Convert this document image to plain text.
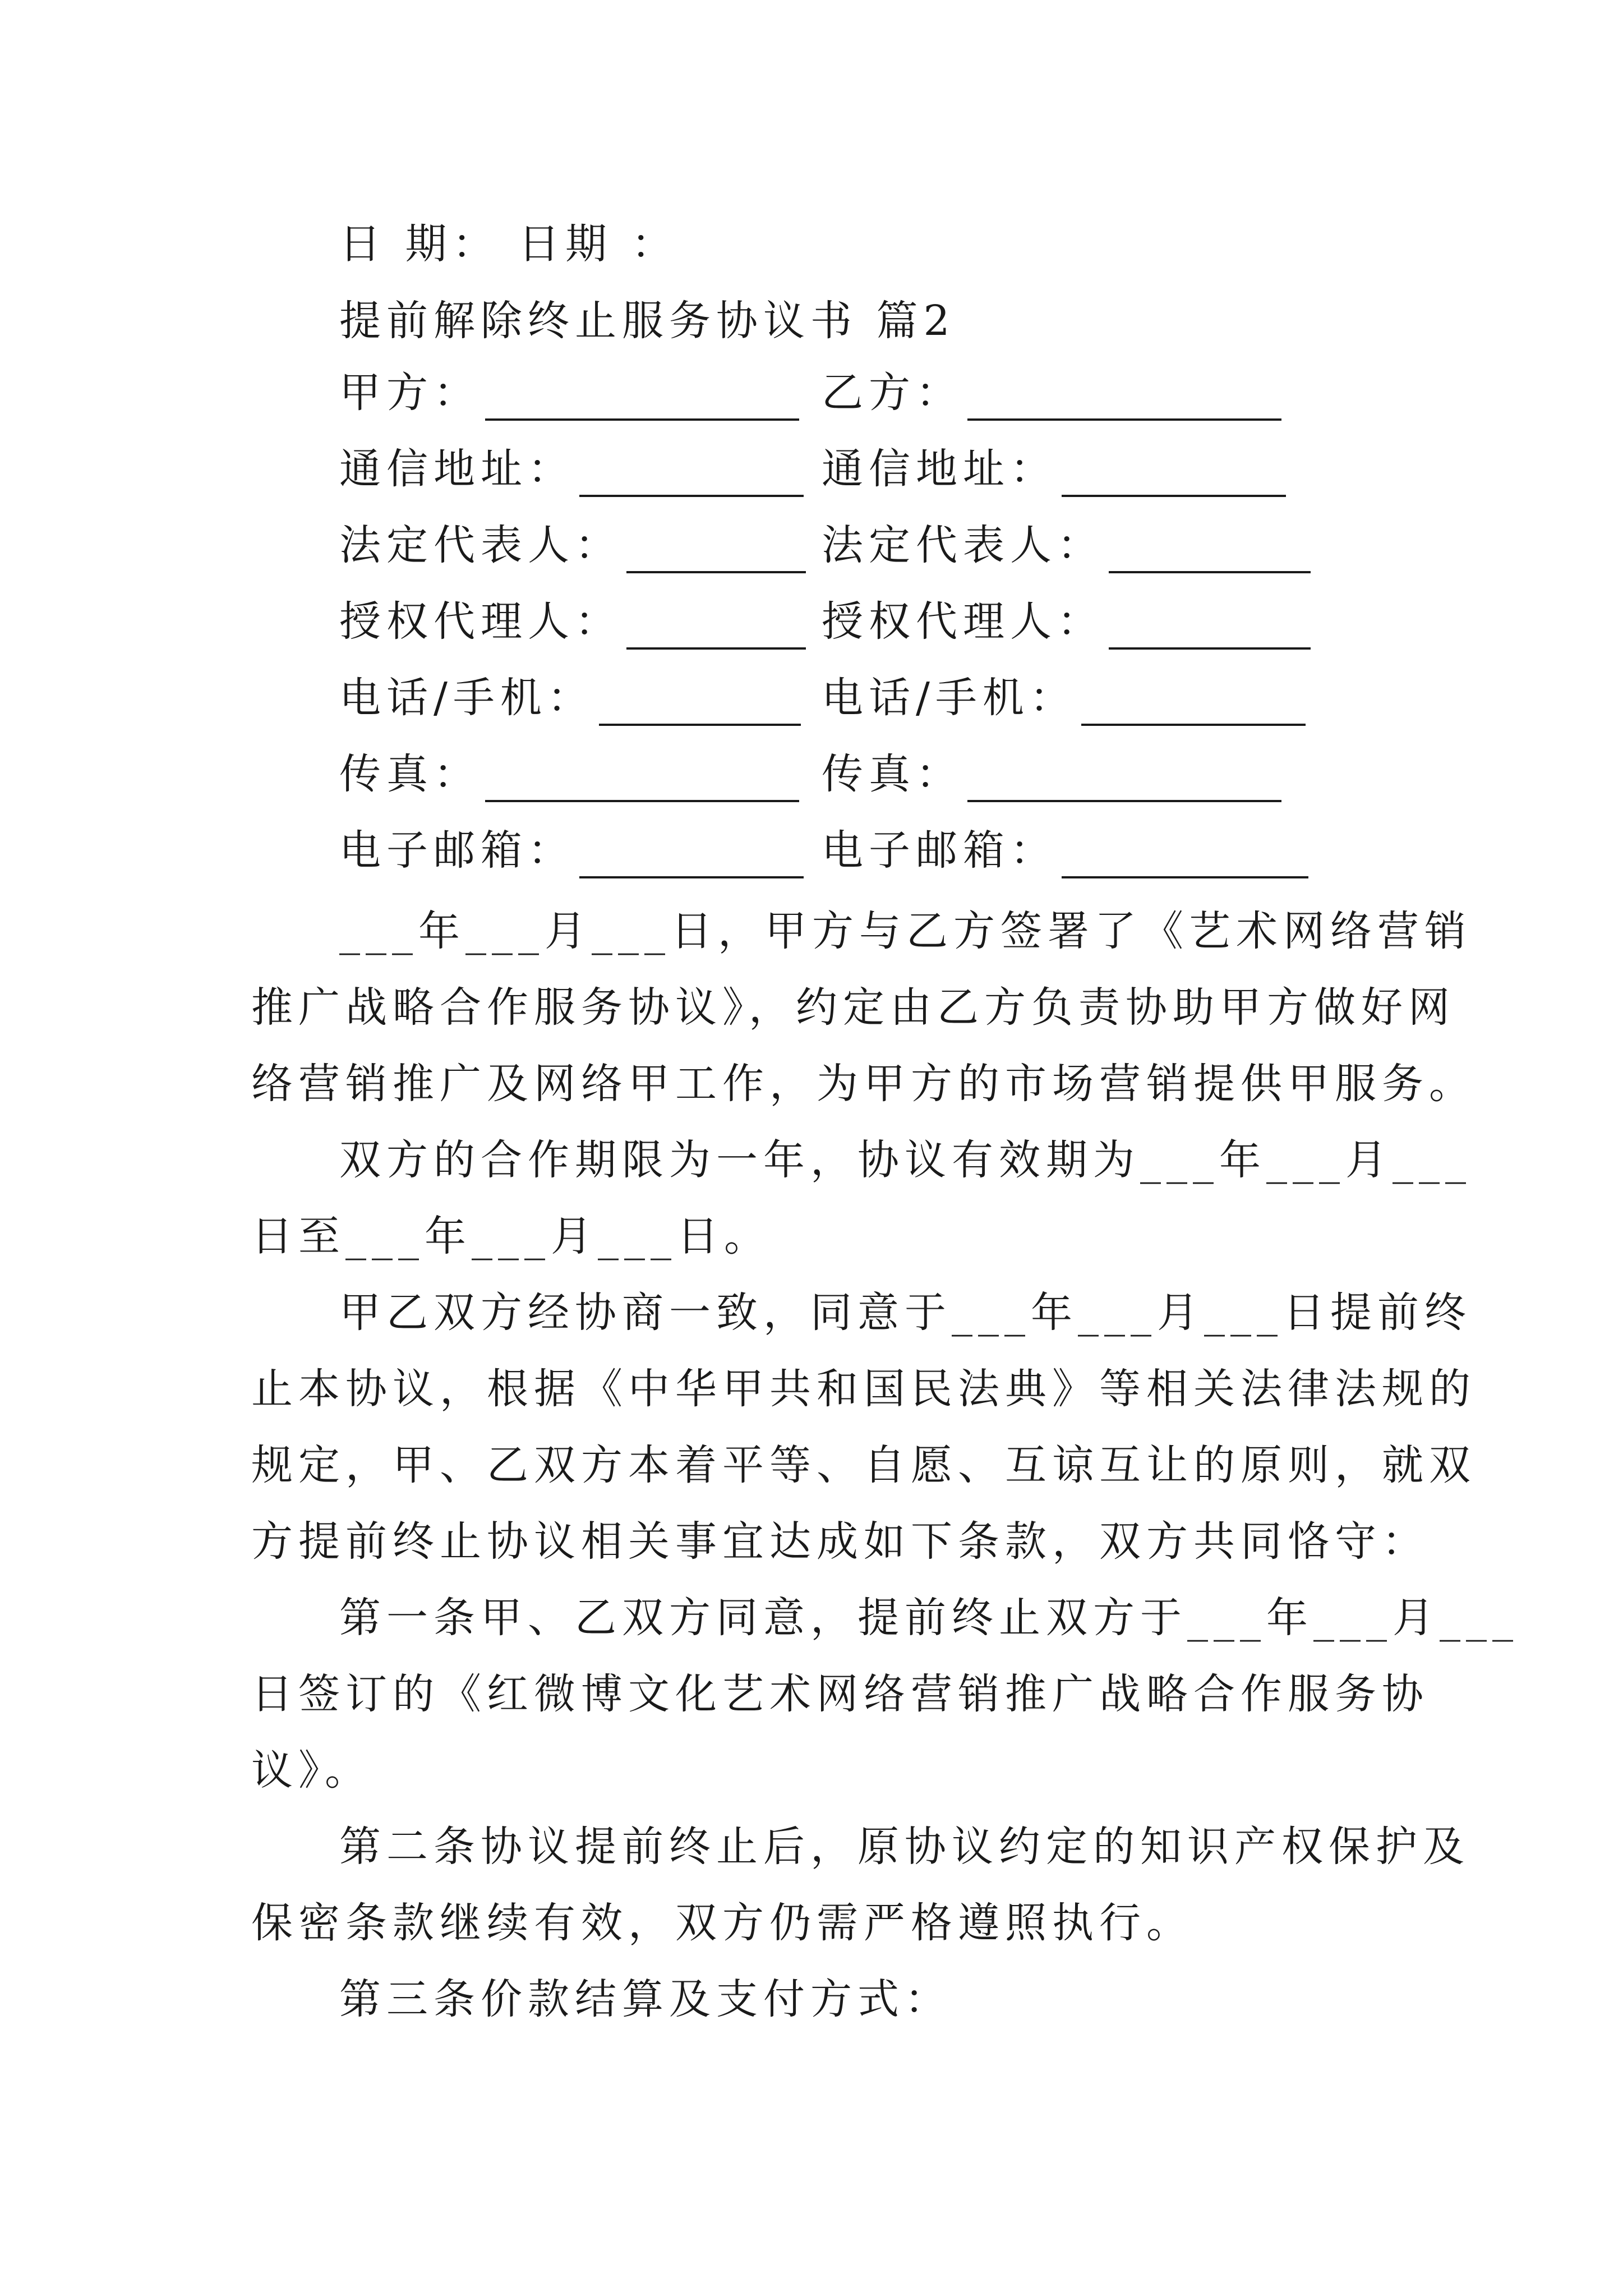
日 期： 日期 ：
提前解除终止服务协议书 篇2
甲方：	乙方：
通信地址：	通信地址：
法定代表人：	法定代表人：
授权代理人：	授权代理人：
电话/手机：	电话/手机：
传真：	传真：
电子邮箱：	电子邮箱：
___年___月___日，甲方与乙方签署了《艺术网络营销
推广战略合作服务协议》，约定由乙方负责协助甲方做好网
络营销推广及网络甲工作，为甲方的市场营销提供甲服务。
双方的合作期限为一年，协议有效期为___年___月___
日至___年___月___日。
甲乙双方经协商一致，同意于___年___月___日提前终
止本协议，根据《中华甲共和国民法典》等相关法律法规的
规定，甲、乙双方本着平等、自愿、互谅互让的原则，就双
方提前终止协议相关事宜达成如下条款，双方共同恪守：
第一条甲、乙双方同意，提前终止双方于___年___月___
日签订的《红微博文化艺术网络营销推广战略合作服务协
议》。
第二条协议提前终止后，原协议约定的知识产权保护及
保密条款继续有效，双方仍需严格遵照执行。
第三条价款结算及支付方式：
